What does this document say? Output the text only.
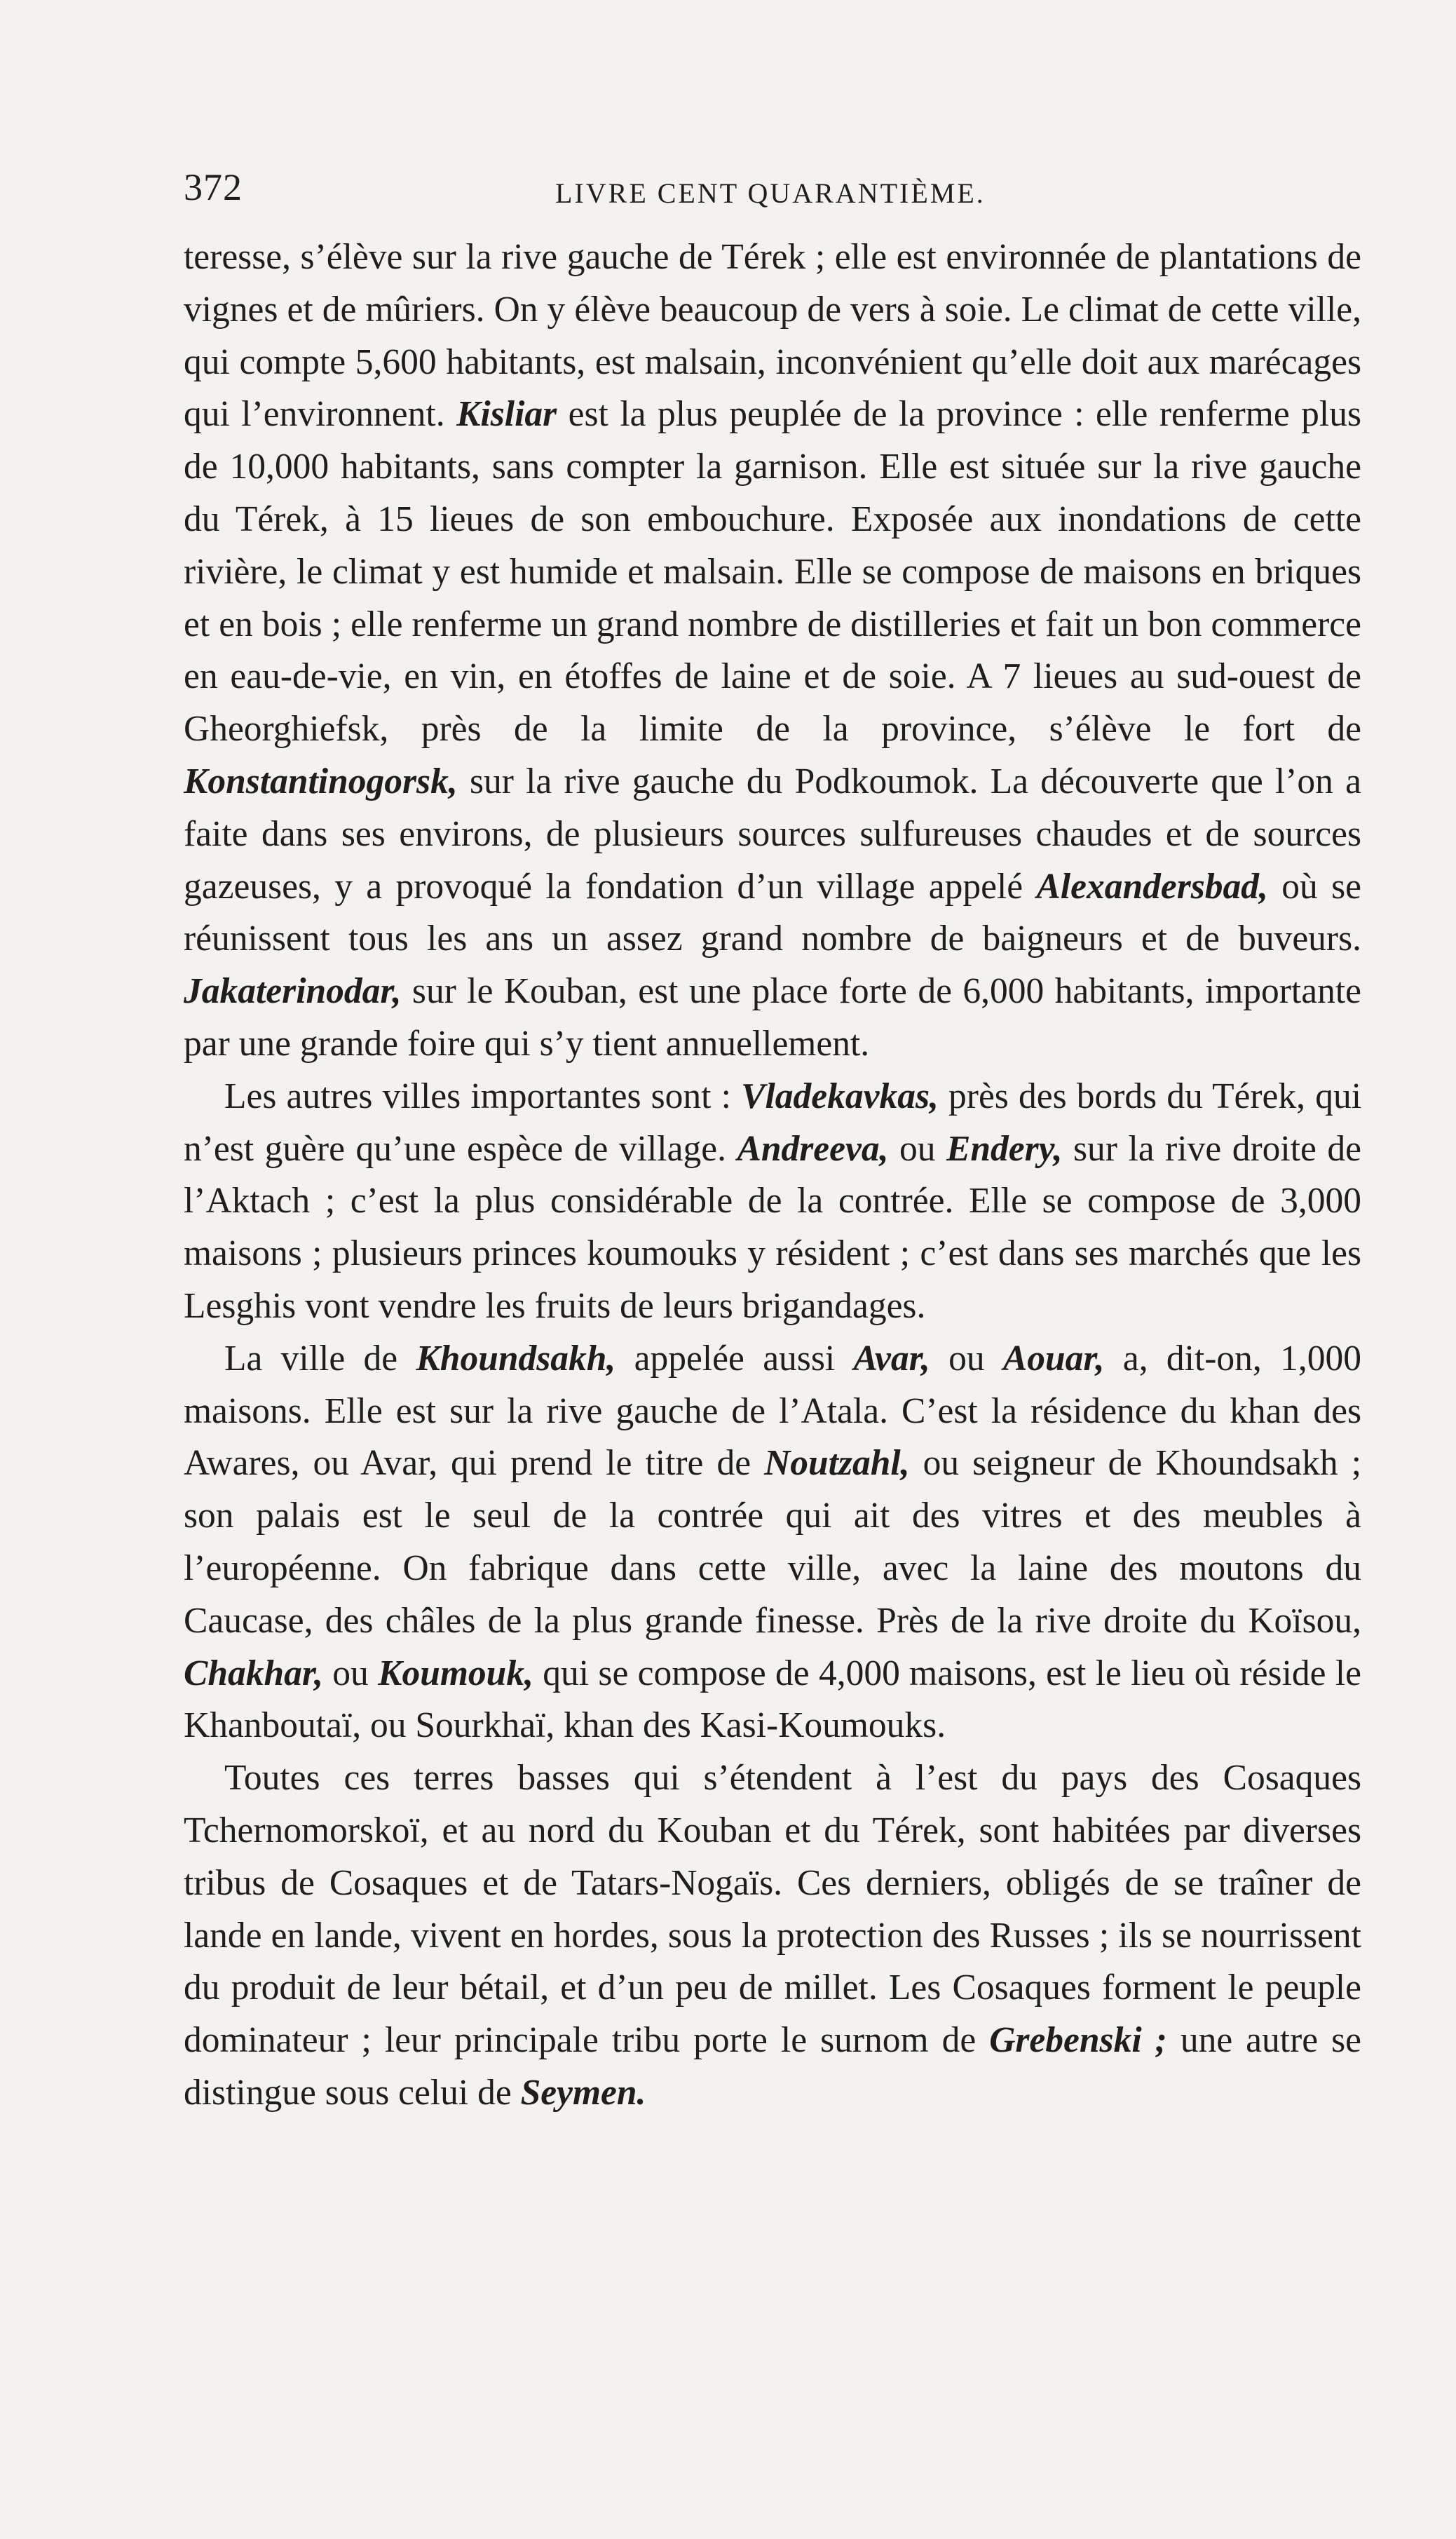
372	LIVRE CENT QUARANTIÈME.

teresse, s’élève sur la rive gauche de Térek ; elle est environnée de plantations de vignes et de mûriers. On y élève beaucoup de vers à soie. Le climat de cette ville, qui compte 5,600 habitants, est malsain, inconvénient qu’elle doit aux marécages qui l’environnent. Kisliar est la plus peuplée de la province : elle renferme plus de 10,000 habitants, sans compter la garnison. Elle est située sur la rive gauche du Térek, à 15 lieues de son embouchure. Exposée aux inondations de cette rivière, le climat y est humide et malsain. Elle se compose de maisons en briques et en bois ; elle renferme un grand nombre de distilleries et fait un bon commerce en eau-de-vie, en vin, en étoffes de laine et de soie. A 7 lieues au sud-ouest de Gheorghiefsk, près de la limite de la province, s’élève le fort de Konstantinogorsk, sur la rive gauche du Podkoumok. La découverte que l’on a faite dans ses environs, de plusieurs sources sulfureuses chaudes et de sources gazeuses, y a provoqué la fondation d’un village appelé Alexandersbad, où se réunissent tous les ans un assez grand nombre de baigneurs et de buveurs. Jakaterinodar, sur le Kouban, est une place forte de 6,000 habitants, importante par une grande foire qui s’y tient annuellement.

Les autres villes importantes sont : Vladekavkas, près des bords du Térek, qui n’est guère qu’une espèce de village. Andreeva, ou Endery, sur la rive droite de l’Aktach ; c’est la plus considérable de la contrée. Elle se compose de 3,000 maisons ; plusieurs princes koumouks y résident ; c’est dans ses marchés que les Lesghis vont vendre les fruits de leurs brigandages.

La ville de Khoundsakh, appelée aussi Avar, ou Aouar, a, dit-on, 1,000 maisons. Elle est sur la rive gauche de l’Atala. C’est la résidence du khan des Awares, ou Avar, qui prend le titre de Noutzahl, ou seigneur de Khoundsakh ; son palais est le seul de la contrée qui ait des vitres et des meubles à l’européenne. On fabrique dans cette ville, avec la laine des moutons du Caucase, des châles de la plus grande finesse. Près de la rive droite du Koïsou, Chakhar, ou Koumouk, qui se compose de 4,000 maisons, est le lieu où réside le Khanboutaï, ou Sourkhaï, khan des Kasi-Koumouks.

Toutes ces terres basses qui s’étendent à l’est du pays des Cosaques Tchernomorskoï, et au nord du Kouban et du Térek, sont habitées par diverses tribus de Cosaques et de Tatars-Nogaïs. Ces derniers, obligés de se traîner de lande en lande, vivent en hordes, sous la protection des Russes ; ils se nourrissent du produit de leur bétail, et d’un peu de millet. Les Cosaques forment le peuple dominateur ; leur principale tribu porte le surnom de Grebenski ; une autre se distingue sous celui de Seymen.
